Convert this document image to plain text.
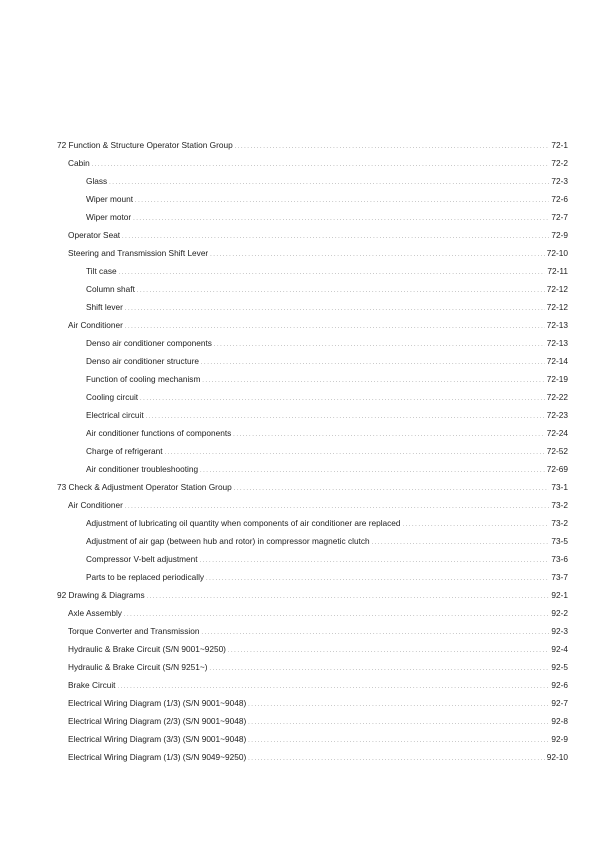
72 Function & Structure Operator Station Group . . .	72-1
Cabin . . .	72-2
Glass . . .	72-3
Wiper mount . . .	72-6
Wiper motor . . .	72-7
Operator Seat . . .	72-9
Steering and Transmission Shift Lever . . .	72-10
Tilt case . . .	72-11
Column shaft . . .	72-12
Shift lever . . .	72-12
Air Conditioner . . .	72-13
Denso air conditioner components . . .	72-13
Denso air conditioner structure . . .	72-14
Function of cooling mechanism . . .	72-19
Cooling circuit . . .	72-22
Electrical circuit . . .	72-23
Air conditioner functions of components . . .	72-24
Charge of refrigerant . . .	72-52
Air conditioner troubleshooting . . .	72-69
73 Check & Adjustment Operator Station Group . . .	73-1
Air Conditioner . . .	73-2
Adjustment of lubricating oil quantity when components of air conditioner are replaced . . .	73-2
Adjustment of air gap (between hub and rotor) in compressor magnetic clutch . . .	73-5
Compressor V-belt adjustment . . .	73-6
Parts to be replaced periodically . . .	73-7
92 Drawing & Diagrams . . .	92-1
Axle Assembly . . .	92-2
Torque Converter and Transmission . . .	92-3
Hydraulic & Brake Circuit (S/N 9001~9250) . . .	92-4
Hydraulic & Brake Circuit (S/N 9251~) . . .	92-5
Brake Circuit . . .	92-6
Electrical Wiring Diagram (1/3) (S/N 9001~9048) . . .	92-7
Electrical Wiring Diagram (2/3) (S/N 9001~9048) . . .	92-8
Electrical Wiring Diagram (3/3) (S/N 9001~9048) . . .	92-9
Electrical Wiring Diagram (1/3) (S/N 9049~9250) . . .	92-10
